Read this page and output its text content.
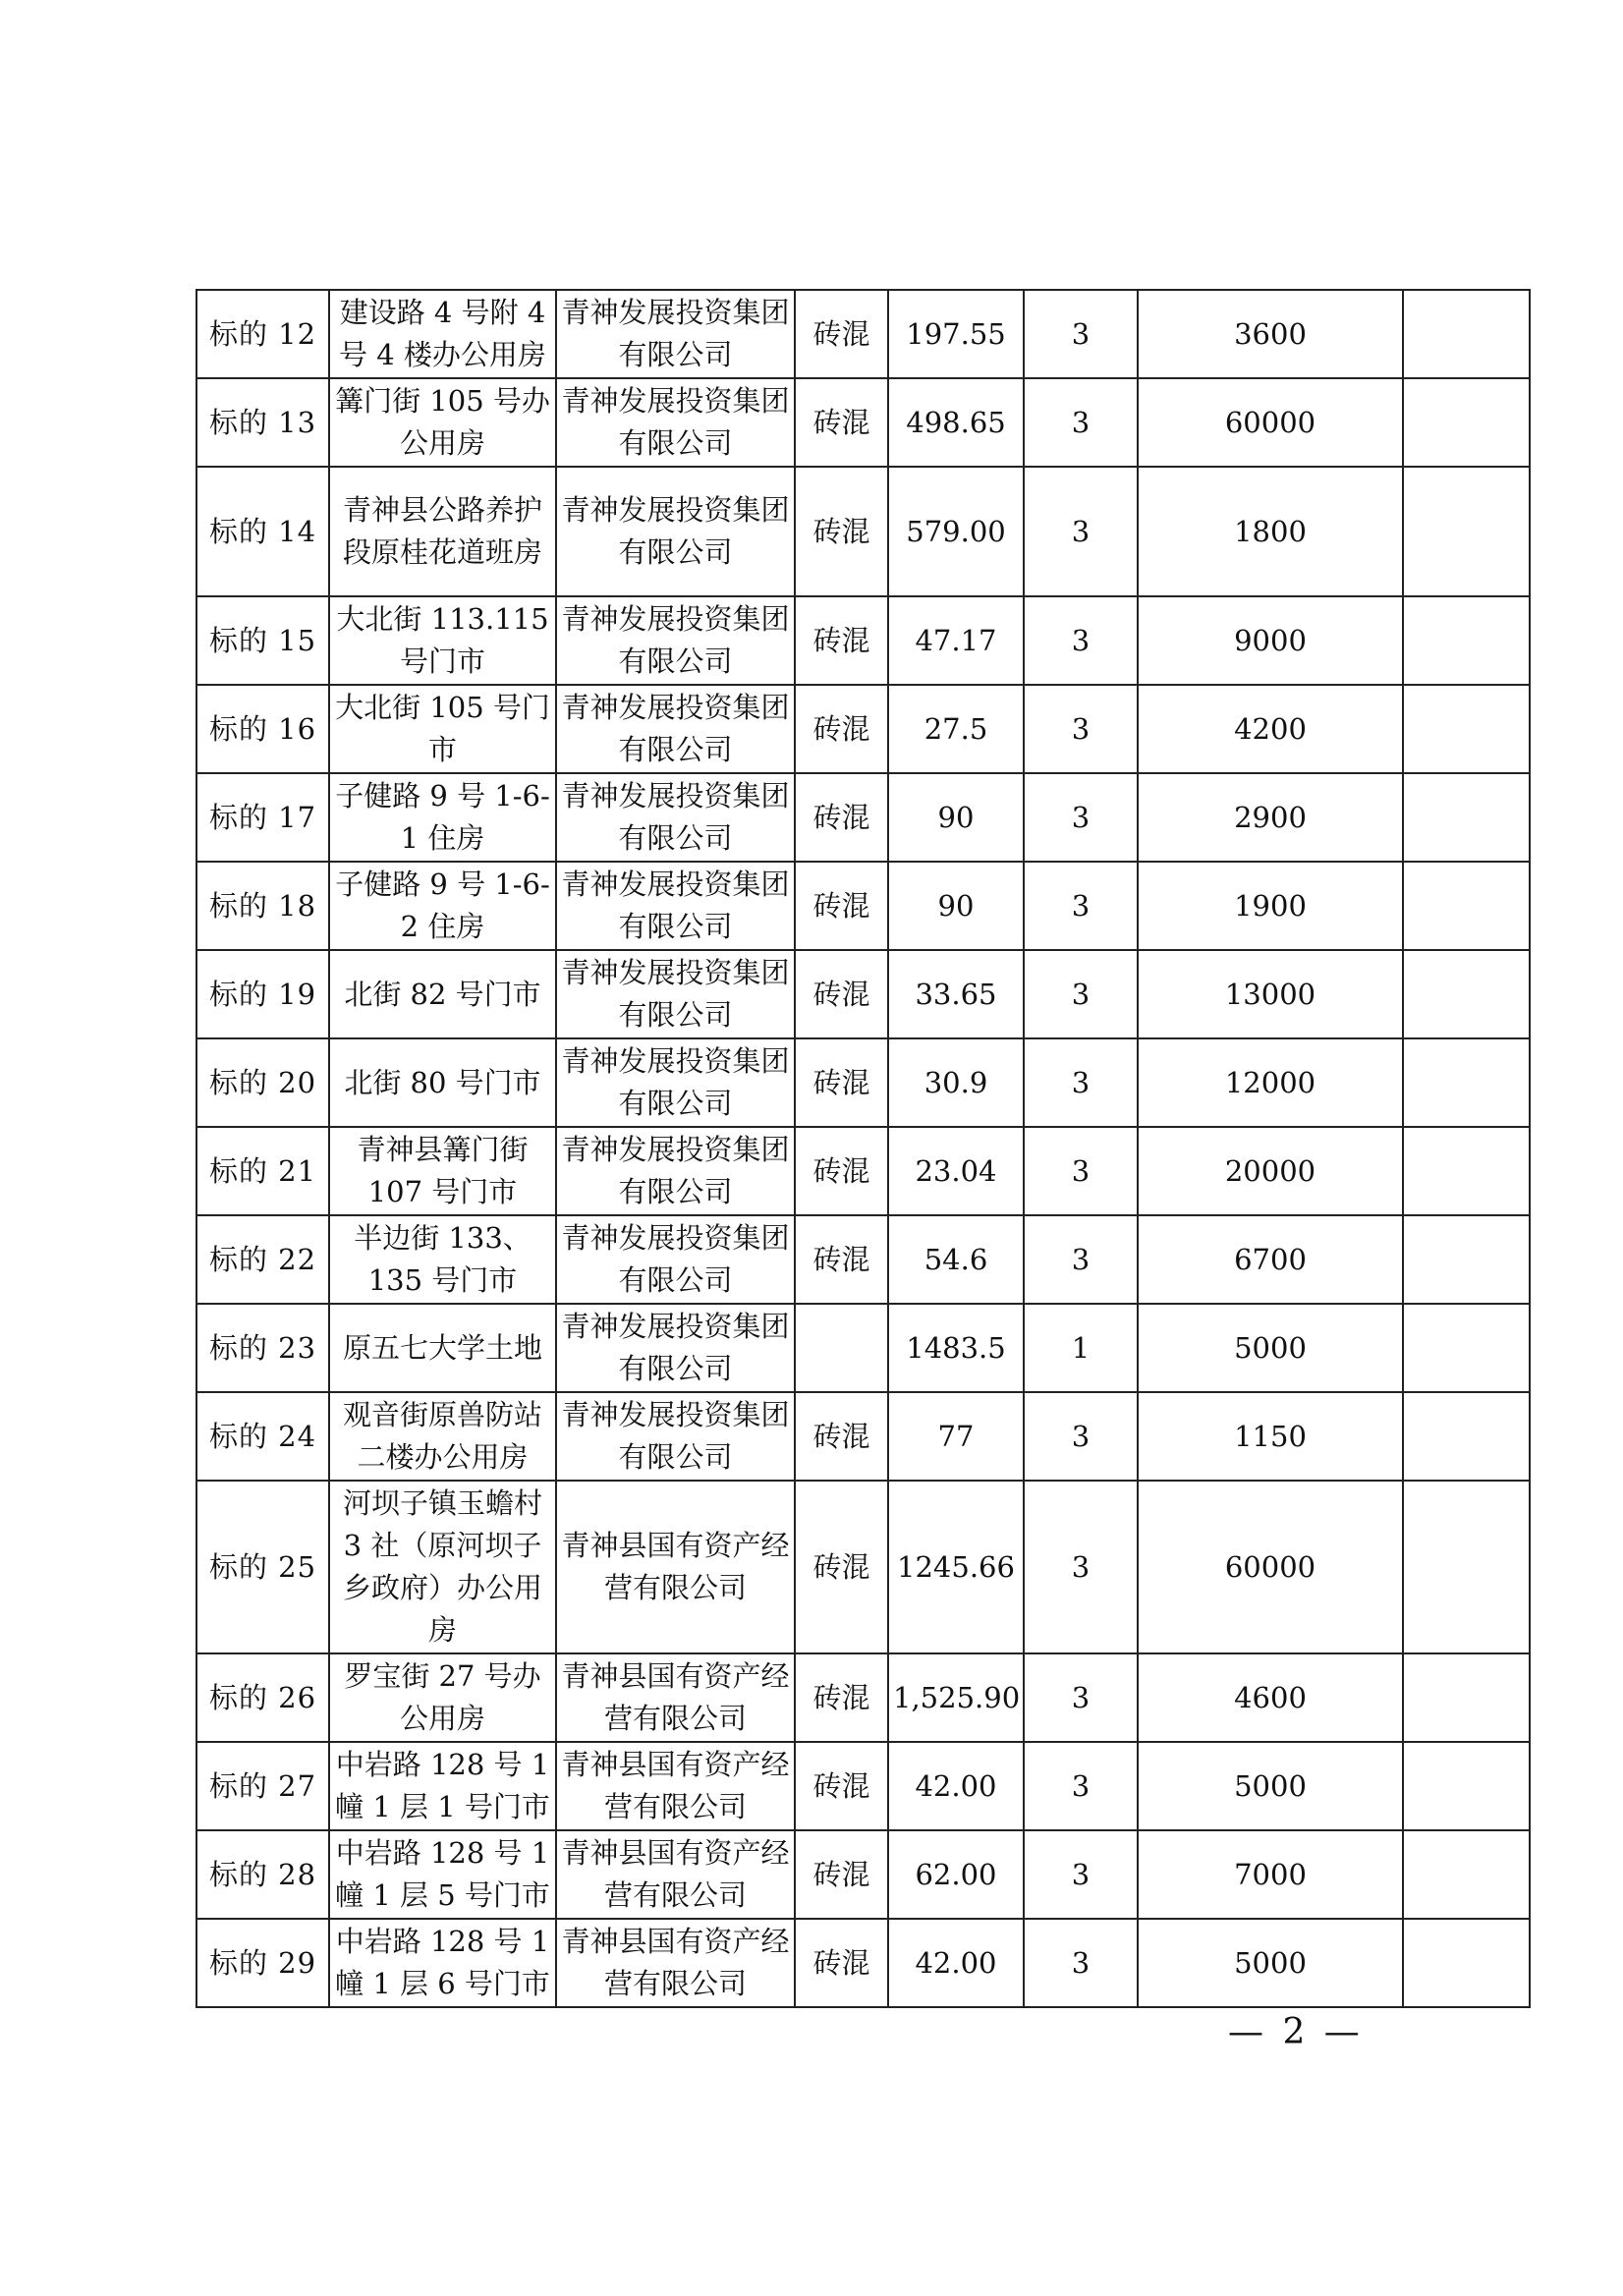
标的 12	建设路 4 号附 4 号 4 楼办公用房	青神发展投资集团有限公司	砖混	197.55	3	3600	
标的 13	篝门街 105 号办公用房	青神发展投资集团有限公司	砖混	498.65	3	60000	
标的 14	青神县公路养护段原桂花道班房	青神发展投资集团有限公司	砖混	579.00	3	1800	
标的 15	大北街 113.115 号门市	青神发展投资集团有限公司	砖混	47.17	3	9000	
标的 16	大北街 105 号门市	青神发展投资集团有限公司	砖混	27.5	3	4200	
标的 17	子健路 9 号 1-6-1 住房	青神发展投资集团有限公司	砖混	90	3	2900	
标的 18	子健路 9 号 1-6-2 住房	青神发展投资集团有限公司	砖混	90	3	1900	
标的 19	北街 82 号门市	青神发展投资集团有限公司	砖混	33.65	3	13000	
标的 20	北街 80 号门市	青神发展投资集团有限公司	砖混	30.9	3	12000	
标的 21	青神县篝门街 107 号门市	青神发展投资集团有限公司	砖混	23.04	3	20000	
标的 22	半边街 133、135 号门市	青神发展投资集团有限公司	砖混	54.6	3	6700	
标的 23	原五七大学土地	青神发展投资集团有限公司		1483.5	1	5000	
标的 24	观音街原兽防站二楼办公用房	青神发展投资集团有限公司	砖混	77	3	1150	
标的 25	河坝子镇玉蟾村 3 社（原河坝子乡政府）办公用房	青神县国有资产经营有限公司	砖混	1245.66	3	60000	
标的 26	罗宝街 27 号办公用房	青神县国有资产经营有限公司	砖混	1,525.90	3	4600	
标的 27	中岩路 128 号 1 幢 1 层 1 号门市	青神县国有资产经营有限公司	砖混	42.00	3	5000	
标的 28	中岩路 128 号 1 幢 1 层 5 号门市	青神县国有资产经营有限公司	砖混	62.00	3	7000	
标的 29	中岩路 128 号 1 幢 1 层 6 号门市	青神县国有资产经营有限公司	砖混	42.00	3	5000	
— 2 —
